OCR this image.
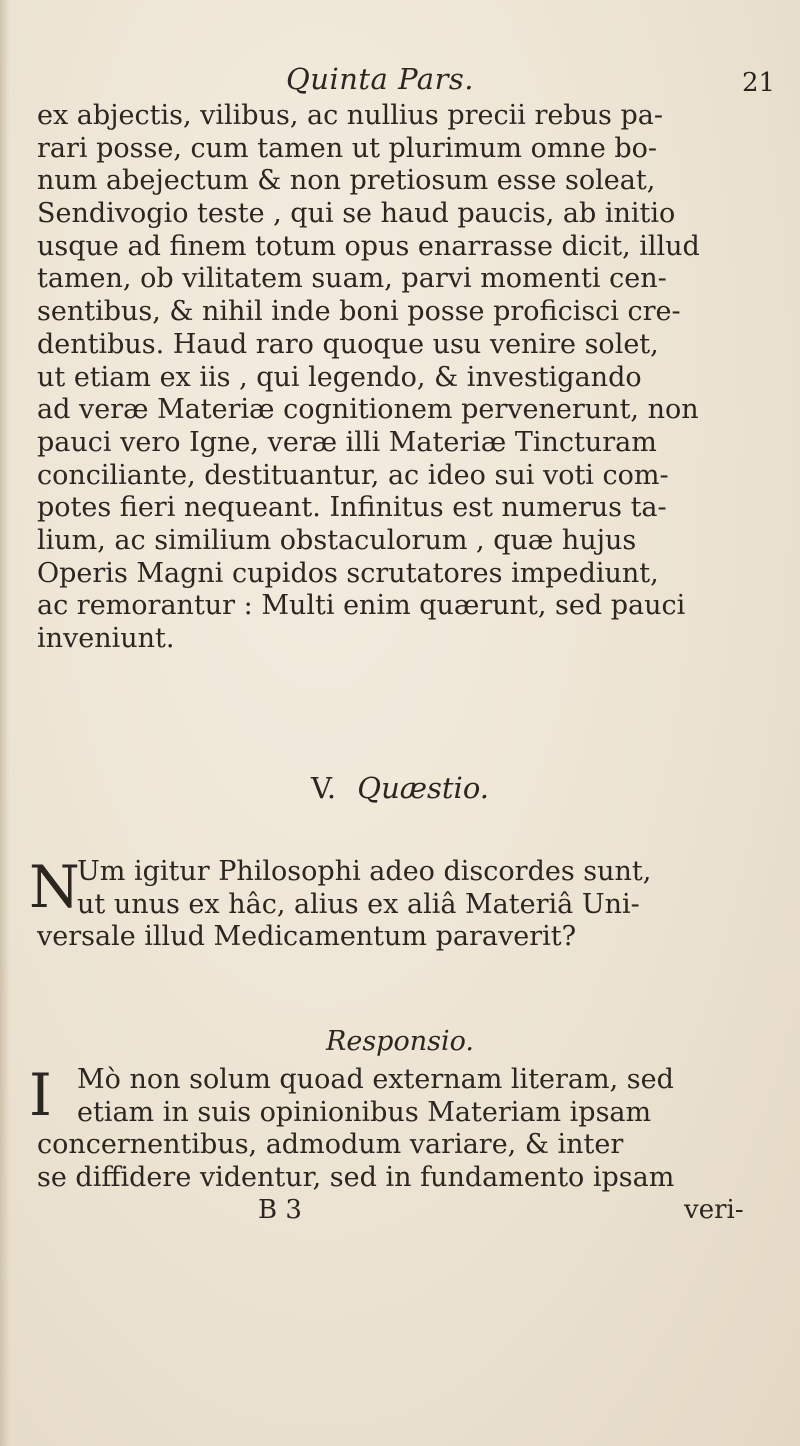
Quinta Pars.	21
ex abjectis, vilibus, ac nullius precii rebus pa-
rari posse, cum tamen ut plurimum omne bo-
num abejectum & non pretiosum esse soleat,
Sendivogio teste , qui se haud paucis, ab initio
usque ad finem totum opus enarrasse dicit, illud
tamen, ob vilitatem suam, parvi momenti cen-
sentibus, & nihil inde boni posse proficisci cre-
dentibus. Haud raro quoque usu venire solet,
ut etiam ex iis , qui legendo, & investigando
ad veræ Materiæ cognitionem pervenerunt, non
pauci vero Igne, veræ illi Materiæ Tincturam
conciliante, destituantur, ac ideo sui voti com-
potes fieri nequeant. Infinitus est numerus ta-
lium, ac similium obstaculorum , quæ hujus
Operis Magni cupidos scrutatores impediunt,
ac remorantur : Multi enim quærunt, sed pauci
inveniunt.
V. Quæstio.
N
Um igitur Philosophi adeo discordes sunt,
ut unus ex hâc, alius ex aliâ Materiâ Uni-
versale illud Medicamentum paraverit?
Responsio.
I Mò non solum quoad externam literam, sed
etiam in suis opinionibus Materiam ipsam
concernentibus, admodum variare, & inter
se diffidere videntur, sed in fundamento ipsam
B 3	veri-
